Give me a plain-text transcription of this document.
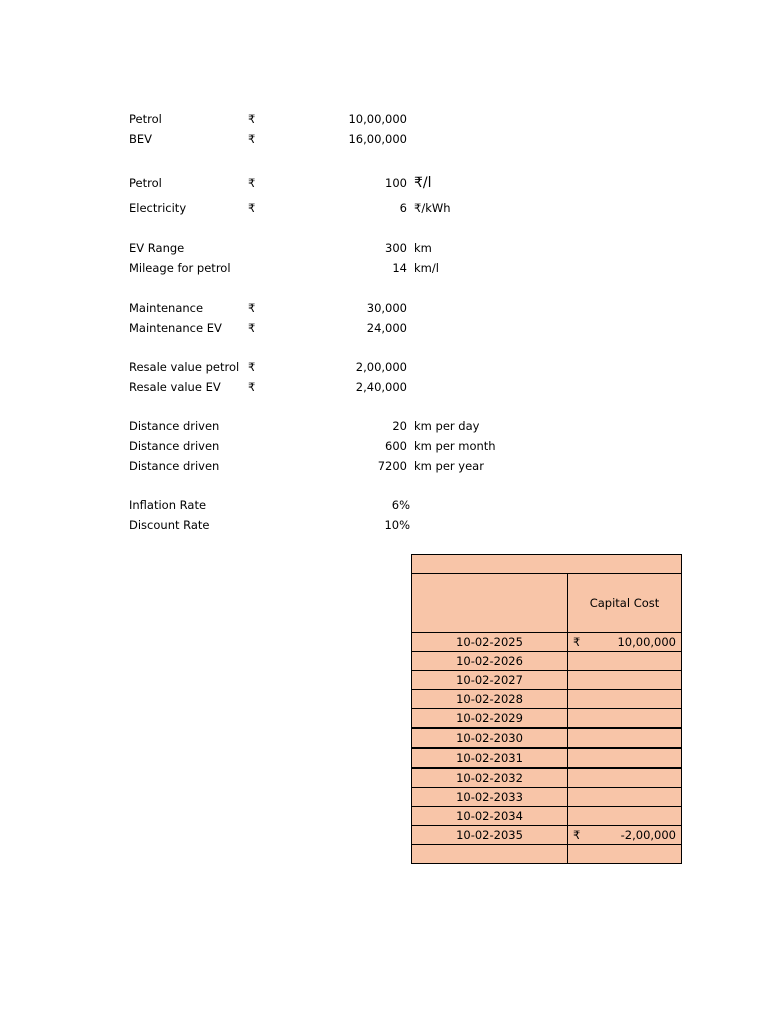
Petrol	₹	10,00,000
BEV	₹	16,00,000
Petrol	₹	100 ₹/l
Electricity	₹	6 ₹/kWh
EV Range	300 km
Mileage for petrol	14 km/l
Maintenance	₹	30,000
Maintenance EV ₹	24,000
Resale value petrol ₹	2,00,000
Resale value EV ₹	2,40,000
Distance driven	20 km per day
Distance driven	600 km per month
Distance driven	7200 km per year
Inflation Rate	6%
Discount Rate	10%

	Capital Cost
10-02-2025	₹ 10,00,000

10-02-2026	

10-02-2027	

10-02-2028	

10-02-2029	

10-02-2030	

10-02-2031	

10-02-2032	

10-02-2033	

10-02-2034	

10-02-2035	₹ -2,00,000
